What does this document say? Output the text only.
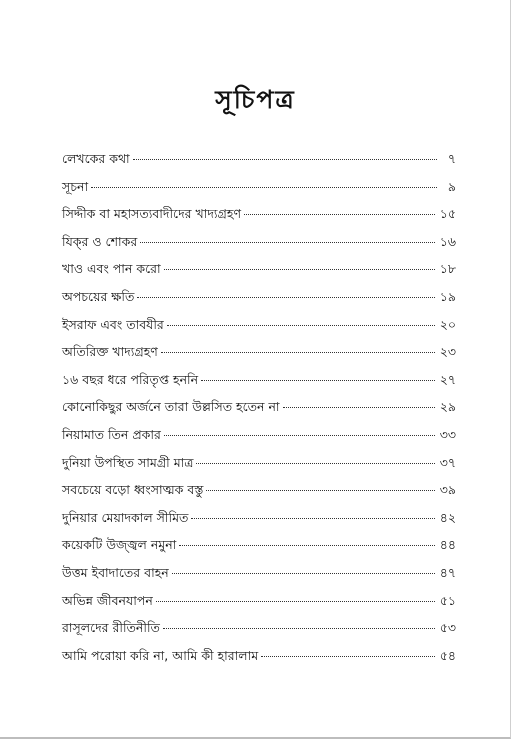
সূচিপত্র
লেখকের কথা	৭
সূচনা	৯
সিদ্দীক বা মহাসত্যবাদীদের খাদ্যগ্রহণ	১৫
যিক্‌র ও শোকর	১৬
খাও এবং পান করো	১৮
অপচয়ের ক্ষতি	১৯
ইসরাফ এবং তাবযীর	২০
অতিরিক্ত খাদ্যগ্রহণ	২৩
১৬ বছর ধরে পরিতৃপ্ত হননি	২৭
কোনোকিছুর অর্জনে তারা উল্লসিত হতেন না	২৯
নিয়ামাত তিন প্রকার	৩৩
দুনিয়া উপস্থিত সামগ্রী মাত্র	৩৭
সবচেয়ে বড়ো ধ্বংসাত্মক বস্তু	৩৯
দুনিয়ার মেয়াদকাল সীমিত	৪২
কয়েকটি উজ্জ্বল নমুনা	৪৪
উত্তম ইবাদাতের বাহন	৪৭
অভিন্ন জীবনযাপন	৫১
রাসূলদের রীতিনীতি	৫৩
আমি পরোয়া করি না, আমি কী হারালাম	৫৪
